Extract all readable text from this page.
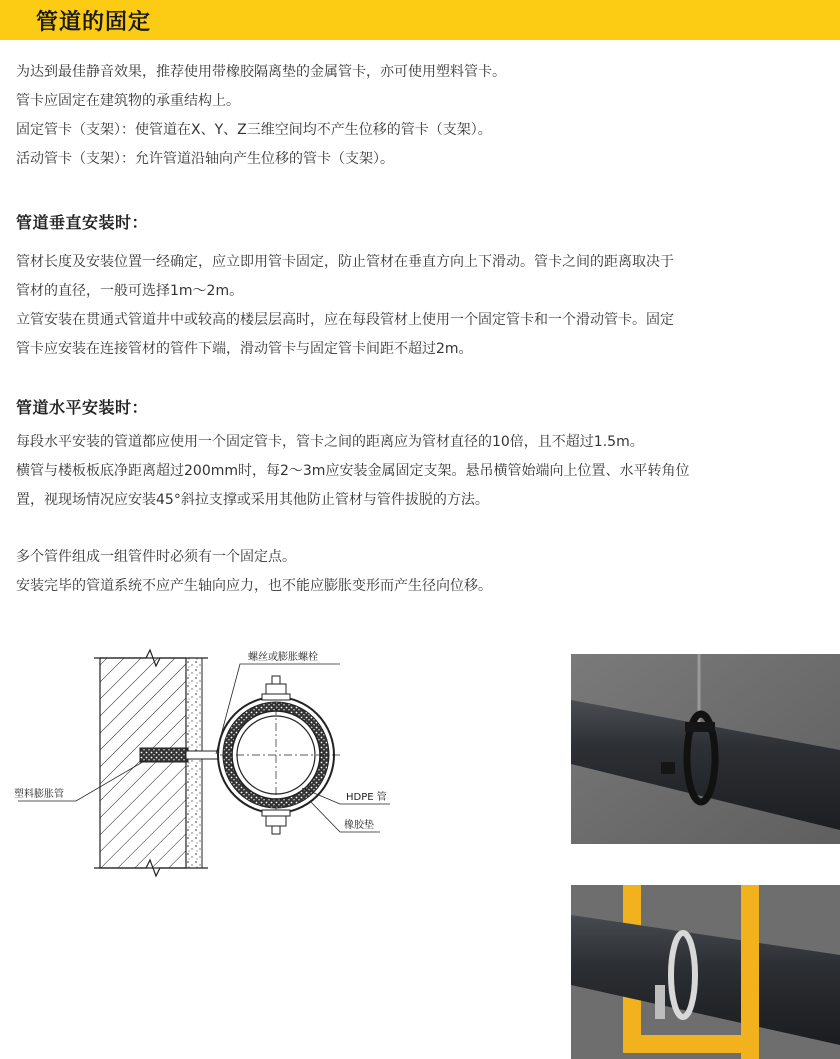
管道的固定

为达到最佳静音效果，推荐使用带橡胶隔离垫的金属管卡，亦可使用塑料管卡。

管卡应固定在建筑物的承重结构上。

固定管卡（支架）：使管道在X、Y、Z三维空间均不产生位移的管卡（支架）。

活动管卡（支架）：允许管道沿轴向产生位移的管卡（支架）。

管道垂直安装时：

管材长度及安装位置一经确定，应立即用管卡固定，防止管材在垂直方向上下滑动。管卡之间的距离取决于

管材的直径，一般可选择1m～2m。

立管安装在贯通式管道井中或较高的楼层层高时，应在每段管材上使用一个固定管卡和一个滑动管卡。固定

管卡应安装在连接管材的管件下端，滑动管卡与固定管卡间距不超过2m。

管道水平安装时：

每段水平安装的管道都应使用一个固定管卡，管卡之间的距离应为管材直径的10倍，且不超过1.5m。

横管与楼板板底净距离超过200mm时，每2～3m应安装金属固定支架。悬吊横管始端向上位置、水平转角位

置，视现场情况应安装45°斜拉支撑或采用其他防止管材与管件拔脱的方法。

多个管件组成一组管件时必须有一个固定点。

安装完毕的管道系统不应产生轴向应力，也不能应膨胀变形而产生径向位移。

螺丝或膨胀螺栓
塑料膨胀管	HDPE 管
橡胶垫
